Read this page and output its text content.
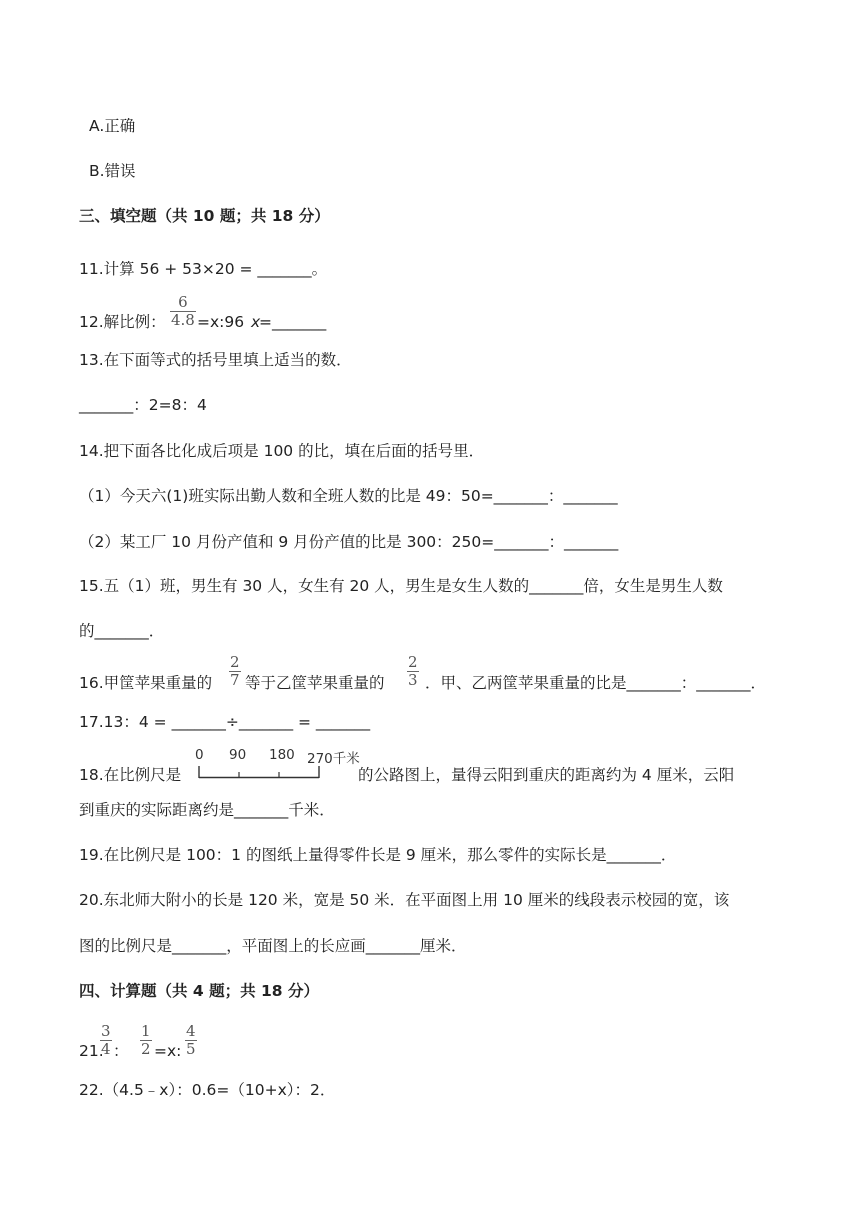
A.正确
B.错误
三、填空题（共 10 题；共 18 分）
11.计算 56 + 53×20 = _______。
12.解比例：
6
4.8 =x:96 x
=_______
13.在下面等式的括号里填上适当的数．
_______：2=8：4
14.把下面各比化成后项是 100 的比，填在后面的括号里．
（1）今天六(1)班实际出勤人数和全班人数的比是 49：50=_______：_______
（2）某工厂 10 月份产值和 9 月份产值的比是 300：250=_______：_______
15.五（1）班，男生有 30 人，女生有 20 人，男生是女生人数的_______倍，女生是男生人数
的_______．
16.甲筐苹果重量的
2
7 等于乙筐苹果重量的
2
3 ．甲、乙两筐苹果重量的比是_______：_______．
17.13：4 = _______÷_______ = _______
18.在比例尺是
0 90 180 270千米
的公路图上，量得云阳到重庆的距离约为 4 厘米，云阳
到重庆的实际距离约是_______千米．
19.在比例尺是 100：1 的图纸上量得零件长是 9 厘米，那么零件的实际长是_______．
20.东北师大附小的长是 120 米，宽是 50 米．在平面图上用 10 厘米的线段表示校园的宽，该
图的比例尺是_______，平面图上的长应画_______厘米．
四、计算题（共 4 题；共 18 分）
21.
3
4 ：
1
2 =x:
4
5
22.（4.5﹣x）：0.6=（10+x）：2．
